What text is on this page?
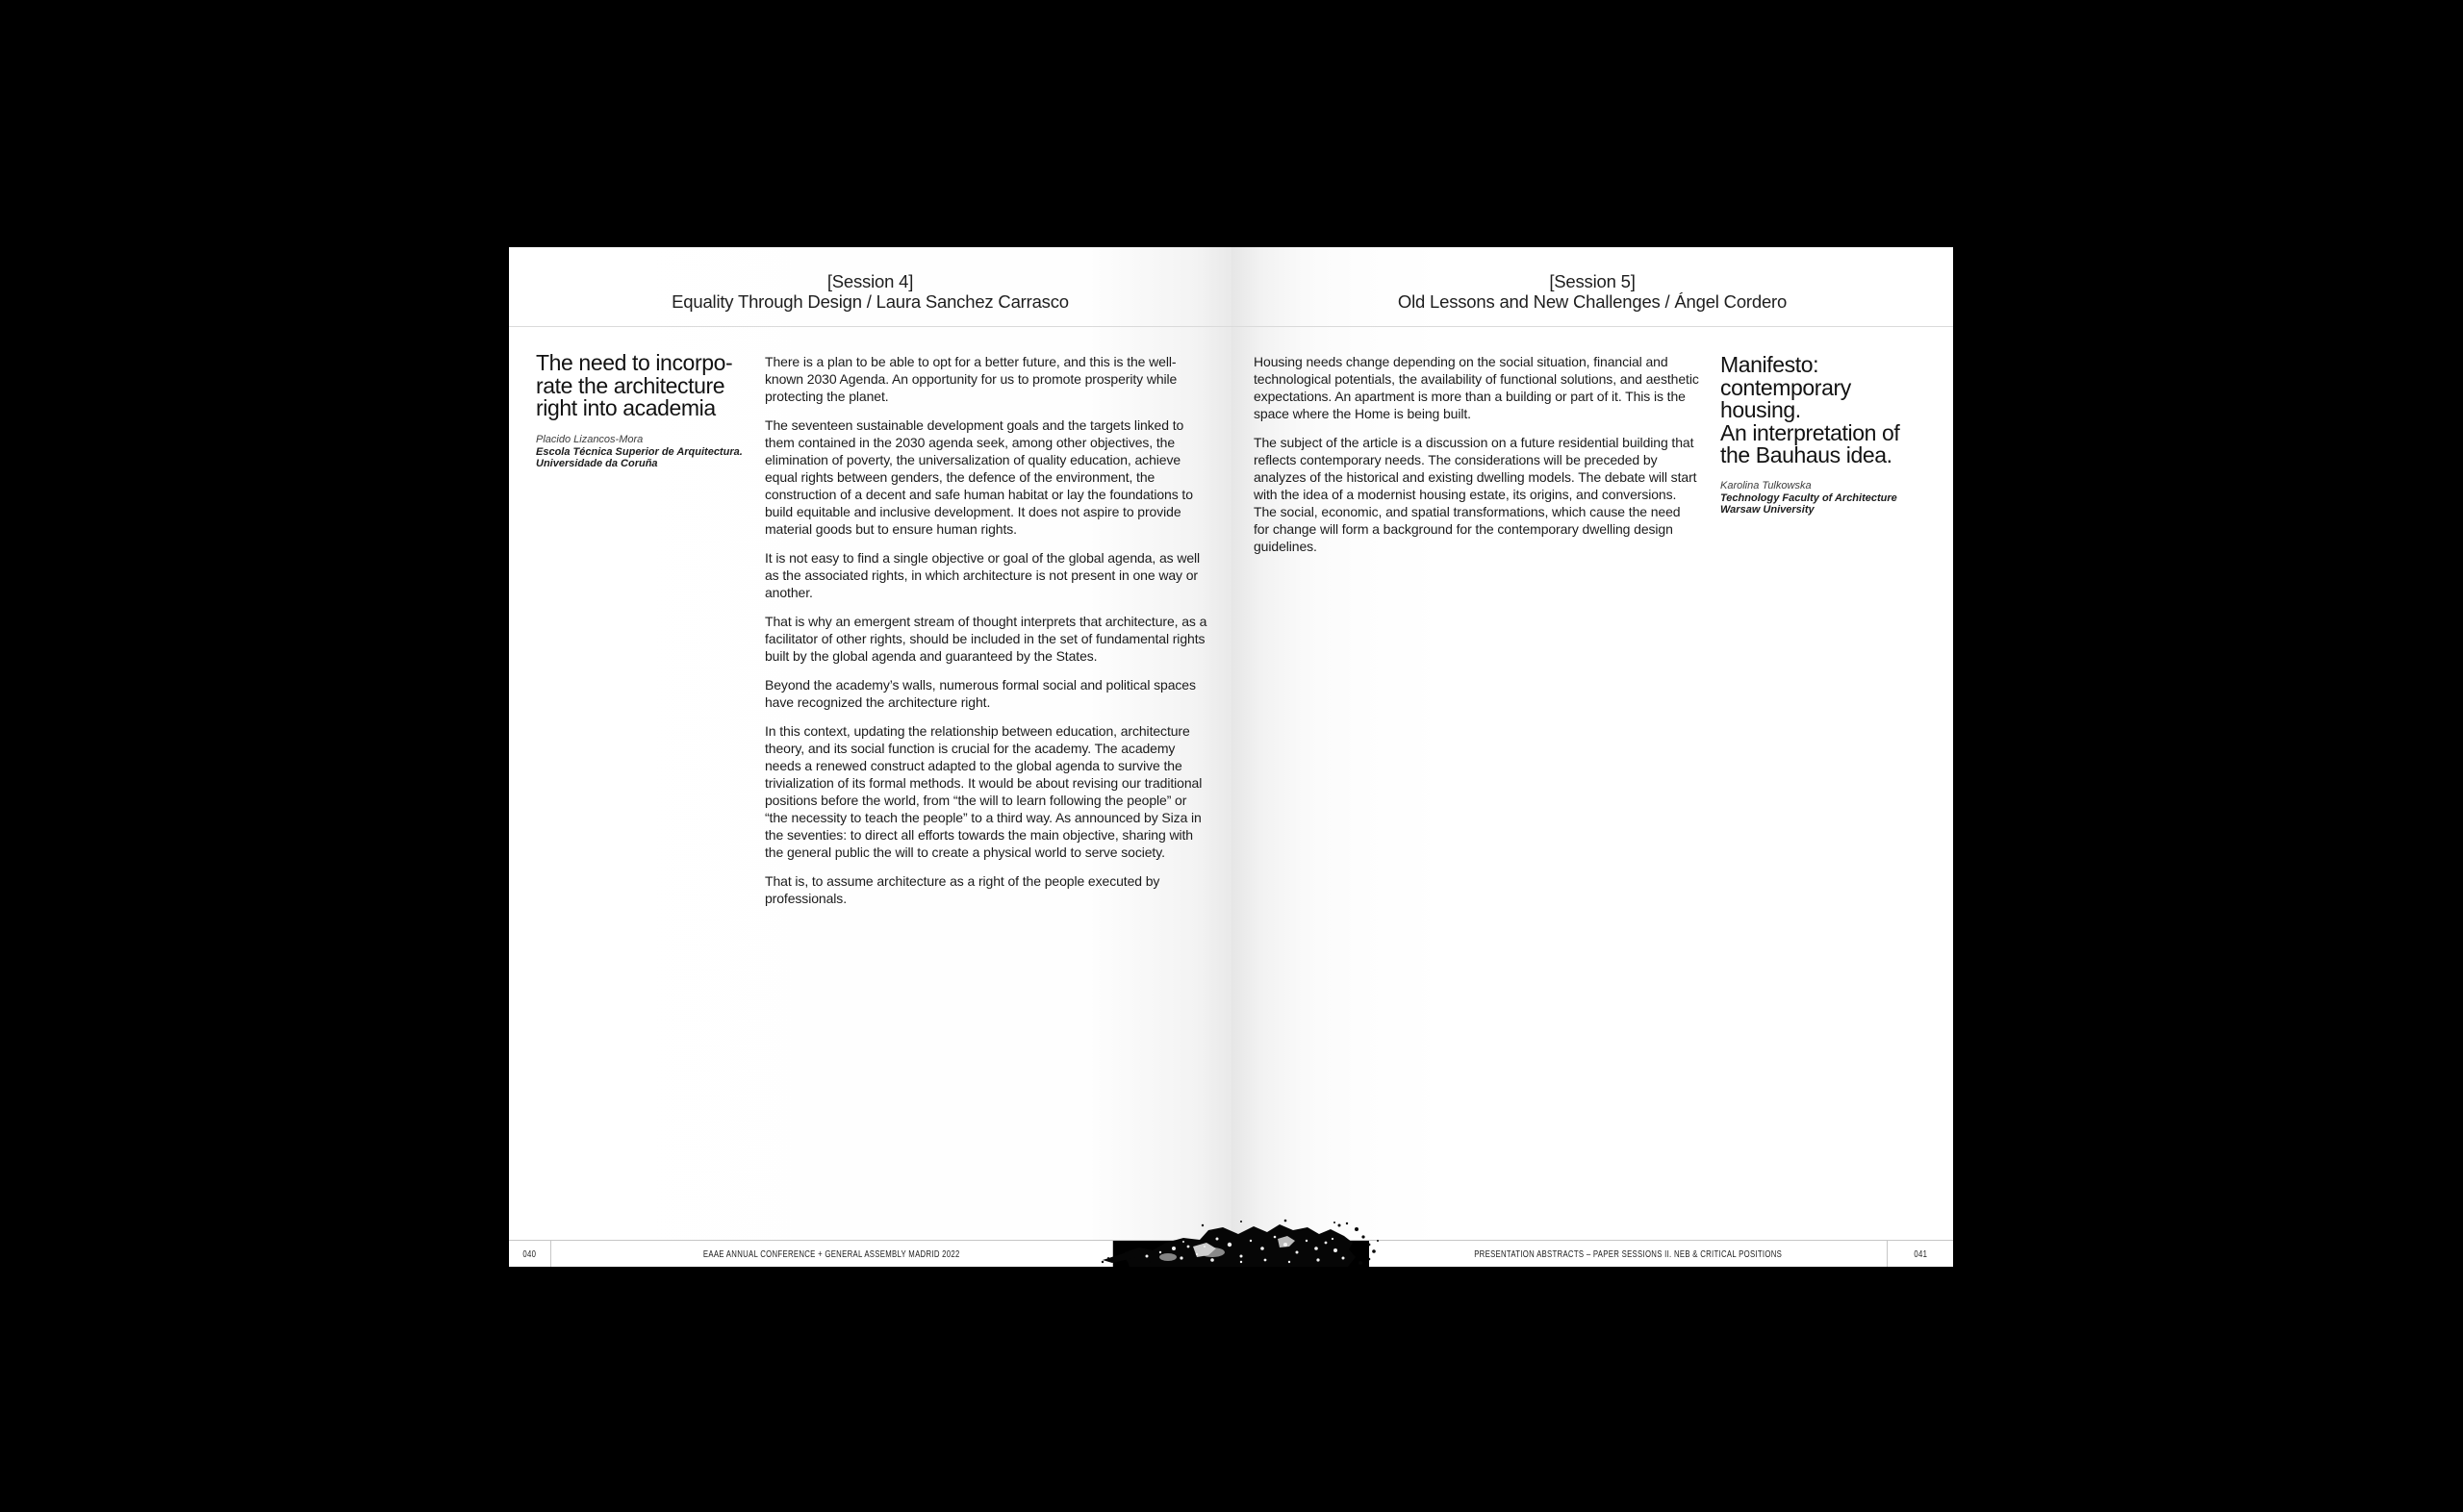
[Session 4]
Equality Through Design / Laura Sanchez Carrasco
The need to incorpo-
rate the architecture
right into academia
Placido Lizancos-Mora
Escola Técnica Superior de Arquitectura.
Universidade da Coruña

There is a plan to be able to opt for a better future, and this is the well-known 2030 Agenda. An opportunity for us to promote prosperity while protecting the planet.

The seventeen sustainable development goals and the targets linked to them contained in the 2030 agenda seek, among other objectives, the elimination of poverty, the universalization of quality education, achieve equal rights between genders, the defence of the environment, the construction of a decent and safe human habitat or lay the foundations to build equitable and inclusive development. It does not aspire to provide material goods but to ensure human rights.

It is not easy to find a single objective or goal of the global agenda, as well as the associated rights, in which architecture is not present in one way or another.

That is why an emergent stream of thought interprets that architecture, as a facilitator of other rights, should be included in the set of fundamental rights built by the global agenda and guaranteed by the States.

Beyond the academy’s walls, numerous formal social and political spaces have recognized the architecture right.

In this context, updating the relationship between education, architecture theory, and its social function is crucial for the academy. The academy needs a renewed construct adapted to the global agenda to survive the trivialization of its formal methods. It would be about revising our traditional positions before the world, from “the will to learn following the people” or “the necessity to teach the people” to a third way. As announced by Siza in the seventies: to direct all efforts towards the main objective, sharing with the general public the will to create a physical world to serve society.

That is, to assume architecture as a right of the people executed by professionals.

040	EAAE ANNUAL CONFERENCE + GENERAL ASSEMBLY MADRID 2022
[Session 5]
Old Lessons and New Challenges / Ángel Cordero

Housing needs change depending on the social situation, financial and technological potentials, the availability of functional solutions, and aesthetic expectations. An apartment is more than a building or part of it. This is the space where the Home is being built.

The subject of the article is a discussion on a future residential building that reflects contemporary needs. The considerations will be preceded by analyzes of the historical and existing dwelling models. The debate will start with the idea of a modernist housing estate, its origins, and conversions. The social, economic, and spatial transformations, which cause the need for change will form a background for the contemporary dwelling design guidelines.

Manifesto:
contemporary
housing.
An interpretation of
the Bauhaus idea.
Karolina Tulkowska
Technology Faculty of Architecture
Warsaw University
PRESENTATION ABSTRACTS – PAPER SESSIONS II. NEB & CRITICAL POSITIONS	041
